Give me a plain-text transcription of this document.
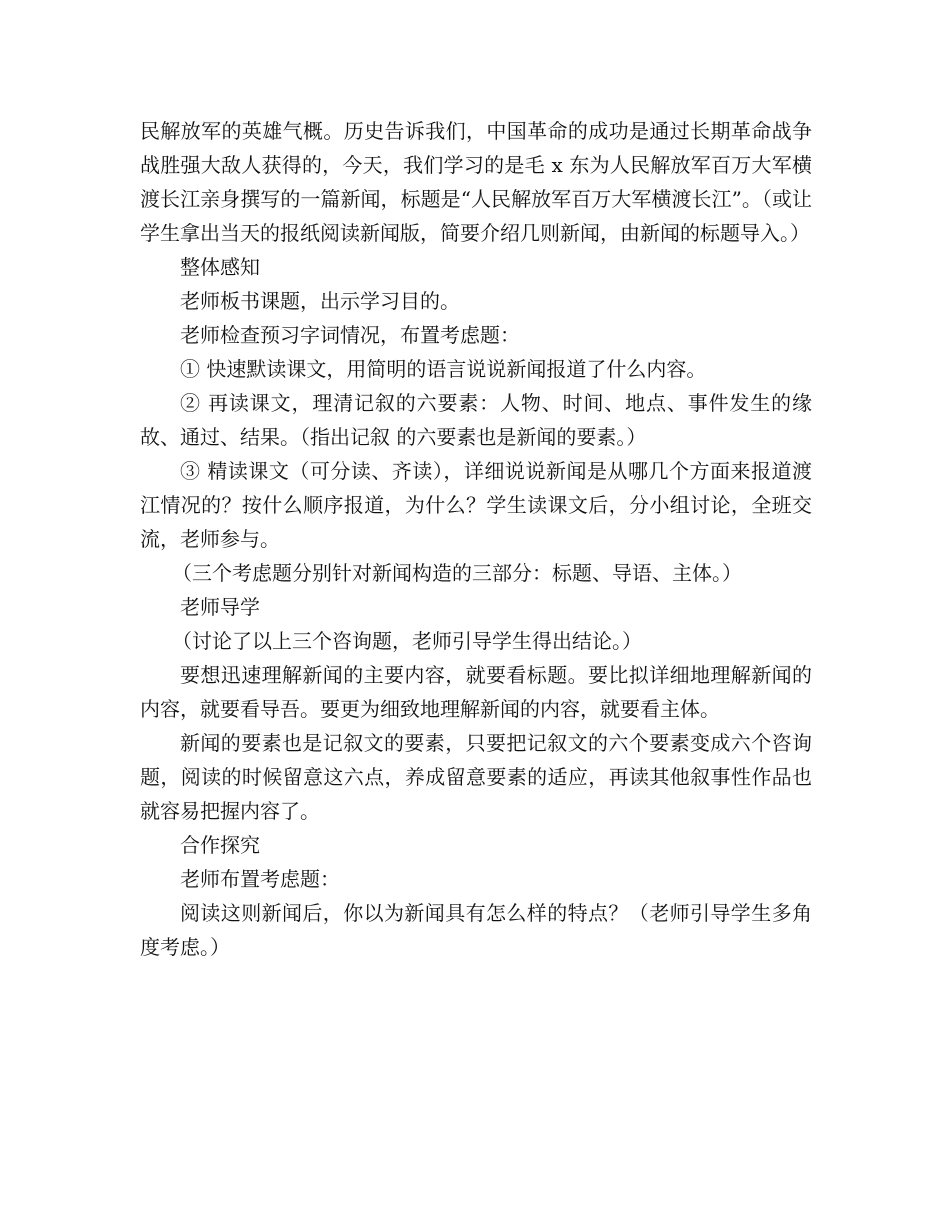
民解放军的英雄气概。历史告诉我们，中国革命的成功是通过长期革命战争战胜强大敌人获得的，今天，我们学习的是毛 x 东为人民解放军百万大军横渡长江亲身撰写的一篇新闻，标题是“人民解放军百万大军横渡长江”。（或让学生拿出当天的报纸阅读新闻版，简要介绍几则新闻，由新闻的标题导入。）

整体感知

老师板书课题，出示学习目的。

老师检查预习字词情况，布置考虑题：

① 快速默读课文，用简明的语言说说新闻报道了什么内容。

② 再读课文，理清记叙的六要素：人物、时间、地点、事件发生的缘故、通过、结果。（指出记叙 的六要素也是新闻的要素。）

③ 精读课文（可分读、齐读），详细说说新闻是从哪几个方面来报道渡江情况的？按什么顺序报道，为什么？学生读课文后，分小组讨论，全班交流，老师参与。

（三个考虑题分别针对新闻构造的三部分：标题、导语、主体。）

老师导学

（讨论了以上三个咨询题，老师引导学生得出结论。）

要想迅速理解新闻的主要内容，就要看标题。要比拟详细地理解新闻的内容，就要看导吾。要更为细致地理解新闻的内容，就要看主体。

新闻的要素也是记叙文的要素，只要把记叙文的六个要素变成六个咨询题，阅读的时候留意这六点，养成留意要素的适应，再读其他叙事性作品也就容易把握内容了。

合作探究

老师布置考虑题：

阅读这则新闻后，你以为新闻具有怎么样的特点？（老师引导学生多角度考虑。）
